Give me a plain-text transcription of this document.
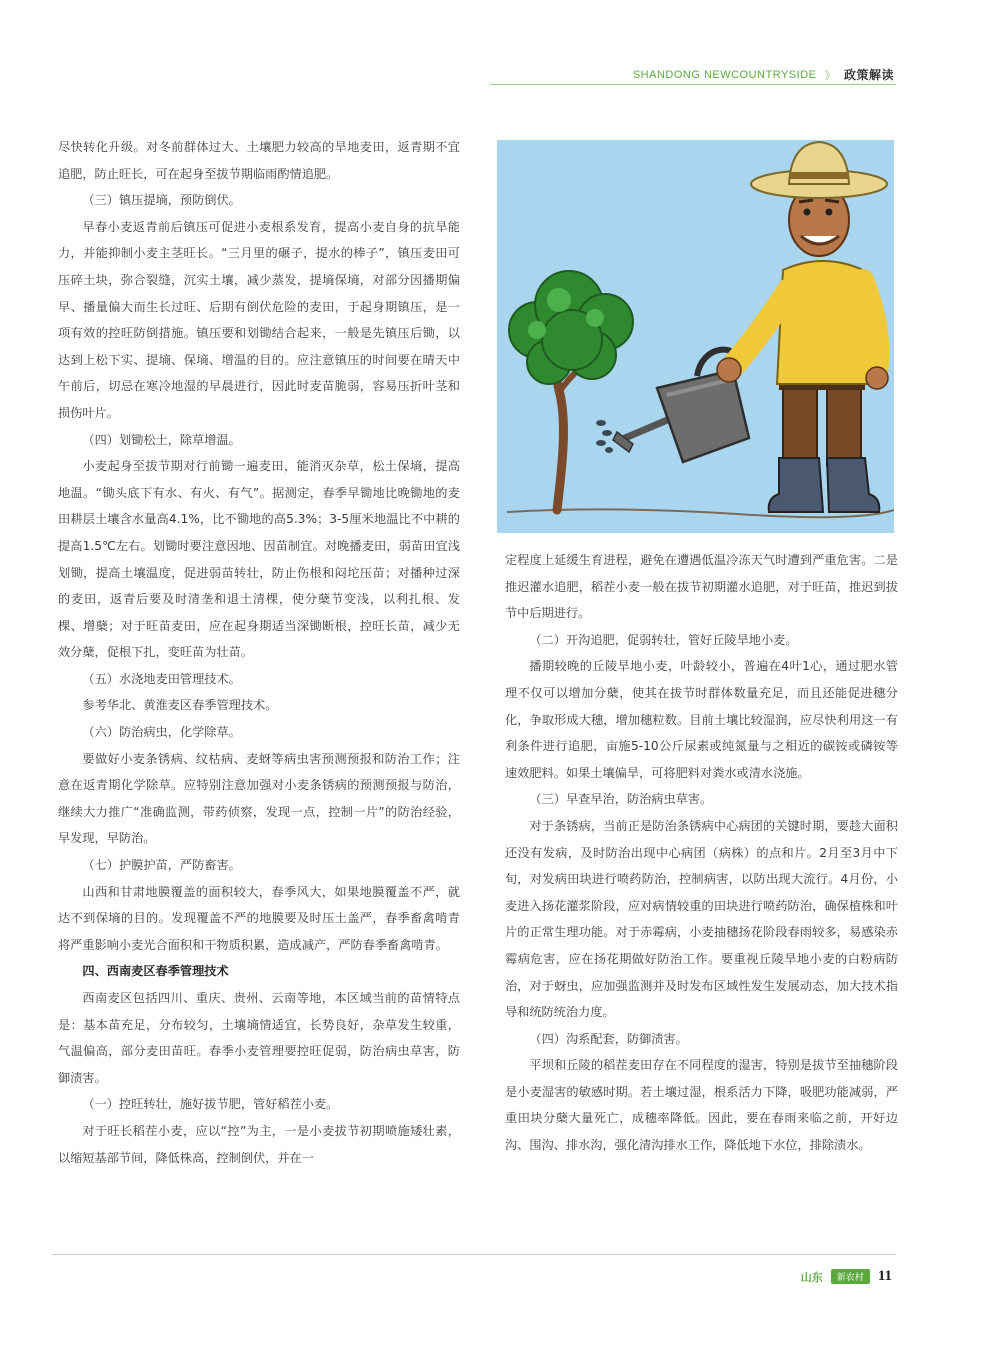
SHANDONG NEWCOUNTRYSIDE 》 政策解读

尽快转化升级。对冬前群体过大、土壤肥力较高的旱地麦田，返青期不宜追肥，防止旺长，可在起身至拔节期临雨酌情追肥。

（三）镇压提墒，预防倒伏。

早春小麦返青前后镇压可促进小麦根系发育，提高小麦自身的抗旱能力，并能抑制小麦主茎旺长。“三月里的碾子，提水的棒子”，镇压麦田可压碎土块，弥合裂缝，沉实土壤，减少蒸发，提墒保墒，对部分因播期偏早、播量偏大而生长过旺、后期有倒伏危险的麦田，于起身期镇压，是一项有效的控旺防倒措施。镇压要和划锄结合起来，一般是先镇压后锄，以达到上松下实、提墒、保墒、增温的目的。应注意镇压的时间要在晴天中午前后，切忌在寒冷地湿的早晨进行，因此时麦苗脆弱，容易压折叶茎和损伤叶片。

（四）划锄松土，除草增温。

小麦起身至拔节期对行前锄一遍麦田，能消灭杂草，松土保墒，提高地温。“锄头底下有水、有火、有气”。据测定，春季早锄地比晚锄地的麦田耕层土壤含水量高4.1%，比不锄地的高5.3%；3-5厘米地温比不中耕的提高1.5℃左右。划锄时要注意因地、因苗制宜。对晚播麦田，弱苗田宜浅划锄，提高土壤温度，促进弱苗转壮，防止伤根和闷坨压苗；对播种过深的麦田，返青后要及时清垄和退土清棵，使分蘖节变浅，以利扎根、发棵、增蘖；对于旺苗麦田，应在起身期适当深锄断根，控旺长苗，减少无效分蘖，促根下扎，变旺苗为壮苗。

（五）水浇地麦田管理技术。

参考华北、黄淮麦区春季管理技术。

（六）防治病虫，化学除草。

要做好小麦条锈病、纹枯病、麦蚜等病虫害预测预报和防治工作；注意在返青期化学除草。应特别注意加强对小麦条锈病的预测预报与防治，继续大力推广“准确监测，带药侦察，发现一点，控制一片”的防治经验，早发现，早防治。

（七）护膜护苗，严防畜害。

山西和甘肃地膜覆盖的面积较大，春季风大，如果地膜覆盖不严，就达不到保墒的目的。发现覆盖不严的地膜要及时压土盖严，春季畜禽啃青将严重影响小麦光合面积和干物质积累，造成减产，严防春季畜禽啃青。

四、西南麦区春季管理技术

西南麦区包括四川、重庆、贵州、云南等地，本区域当前的苗情特点是：基本苗充足，分布较匀，土壤墒情适宜，长势良好，杂草发生较重，气温偏高，部分麦田苗旺。春季小麦管理要控旺促弱，防治病虫草害，防御渍害。

（一）控旺转壮，施好拔节肥，管好稻茬小麦。

对于旺长稻茬小麦，应以“控”为主，一是小麦拔节初期喷施矮壮素，以缩短基部节间，降低株高，控制倒伏，并在一

定程度上延缓生育进程，避免在遭遇低温冷冻天气时遭到严重危害。二是推迟灌水追肥，稻茬小麦一般在拔节初期灌水追肥，对于旺苗，推迟到拔节中后期进行。

（二）开沟追肥，促弱转壮，管好丘陵旱地小麦。

播期较晚的丘陵旱地小麦，叶龄较小，普遍在4叶1心，通过肥水管理不仅可以增加分蘖，使其在拔节时群体数量充足，而且还能促进穗分化，争取形成大穗，增加穗粒数。目前土壤比较湿润，应尽快利用这一有利条件进行追肥，亩施5-10公斤尿素或纯氮量与之相近的碳铵或磷铵等速效肥料。如果土壤偏旱，可将肥料对粪水或清水浇施。

（三）早查早治，防治病虫草害。

对于条锈病，当前正是防治条锈病中心病团的关键时期，要趁大面积还没有发病，及时防治出现中心病团（病株）的点和片。2月至3月中下旬，对发病田块进行喷药防治，控制病害，以防出现大流行。4月份，小麦进入扬花灌浆阶段，应对病情较重的田块进行喷药防治，确保植株和叶片的正常生理功能。对于赤霉病，小麦抽穗扬花阶段春雨较多，易感染赤霉病危害，应在扬花期做好防治工作。要重视丘陵旱地小麦的白粉病防治，对于蚜虫，应加强监测并及时发布区域性发生发展动态，加大技术指导和统防统治力度。

（四）沟系配套，防御渍害。

平坝和丘陵的稻茬麦田存在不同程度的湿害，特别是拔节至抽穗阶段是小麦湿害的敏感时期。若土壤过湿，根系活力下降，吸肥功能减弱，严重田块分蘖大量死亡，成穗率降低。因此，要在春雨来临之前，开好边沟、围沟、排水沟，强化清沟排水工作，降低地下水位，排除渍水。

山东	新农村 11
